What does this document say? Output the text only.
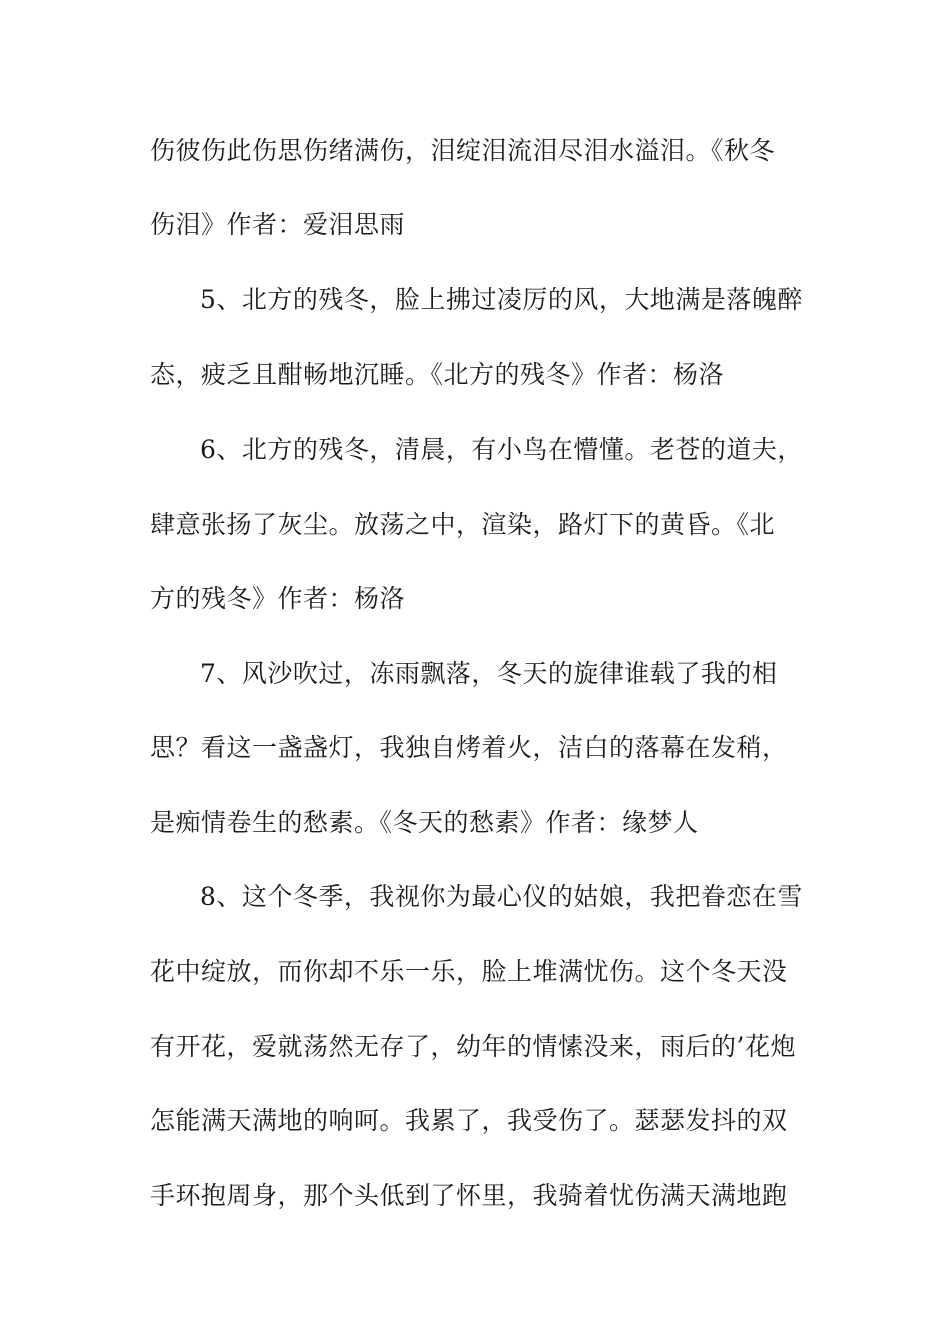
伤彼伤此伤思伤绪满伤，泪绽泪流泪尽泪水溢泪。《秋冬
伤泪》作者：爱泪思雨
5、北方的残冬，脸上拂过凌厉的风，大地满是落魄醉
态，疲乏且酣畅地沉睡。《北方的残冬》作者：杨洛
6、北方的残冬，清晨，有小鸟在懵懂。老苍的道夫，
肆意张扬了灰尘。放荡之中，渲染，路灯下的黄昏。《北
方的残冬》作者：杨洛
7、风沙吹过，冻雨飘落，冬天的旋律谁载了我的相
思？看这一盏盏灯，我独自烤着火，洁白的落幕在发稍，
是痴情卷生的愁素。《冬天的愁素》作者：缘梦人
8、这个冬季，我视你为最心仪的姑娘，我把眷恋在雪
花中绽放，而你却不乐一乐，脸上堆满忧伤。这个冬天没
有开花，爱就荡然无存了，幼年的情愫没来，雨后的’花炮
怎能满天满地的响呵。我累了，我受伤了。瑟瑟发抖的双
手环抱周身，那个头低到了怀里，我骑着忧伤满天满地跑
